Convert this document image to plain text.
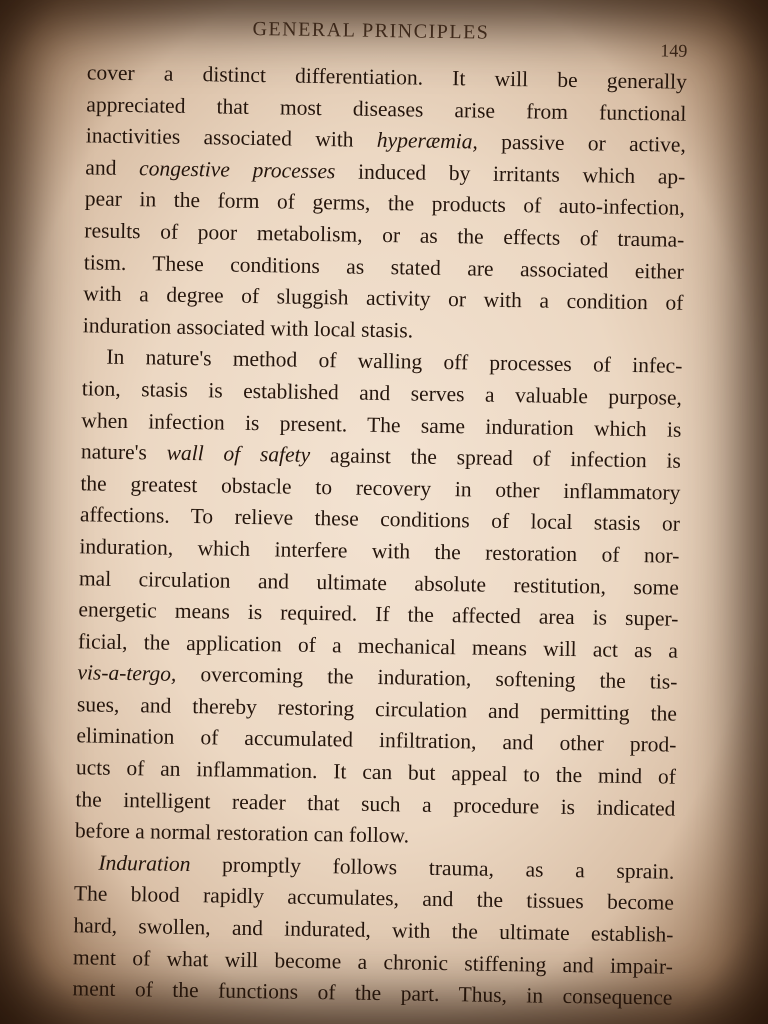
GENERAL PRINCIPLES
149
cover a distinct differentiation. It will be generally
appreciated that most diseases arise from functional
inactivities associated with hyperæmia, passive or active,
and congestive processes induced by irritants which ap-
pear in the form of germs, the products of auto-infection,
results of poor metabolism, or as the effects of trauma-
tism. These conditions as stated are associated either
with a degree of sluggish activity or with a condition of
induration associated with local stasis.
In nature's method of walling off processes of infec-
tion, stasis is established and serves a valuable purpose,
when infection is present. The same induration which is
nature's wall of safety against the spread of infection is
the greatest obstacle to recovery in other inflammatory
affections. To relieve these conditions of local stasis or
induration, which interfere with the restoration of nor-
mal circulation and ultimate absolute restitution, some
energetic means is required. If the affected area is super-
ficial, the application of a mechanical means will act as a
vis-a-tergo, overcoming the induration, softening the tis-
sues, and thereby restoring circulation and permitting the
elimination of accumulated infiltration, and other prod-
ucts of an inflammation. It can but appeal to the mind of
the intelligent reader that such a procedure is indicated
before a normal restoration can follow.
Induration promptly follows trauma, as a sprain.
The blood rapidly accumulates, and the tissues become
hard, swollen, and indurated, with the ultimate establish-
ment of what will become a chronic stiffening and impair-
ment of the functions of the part. Thus, in consequence
